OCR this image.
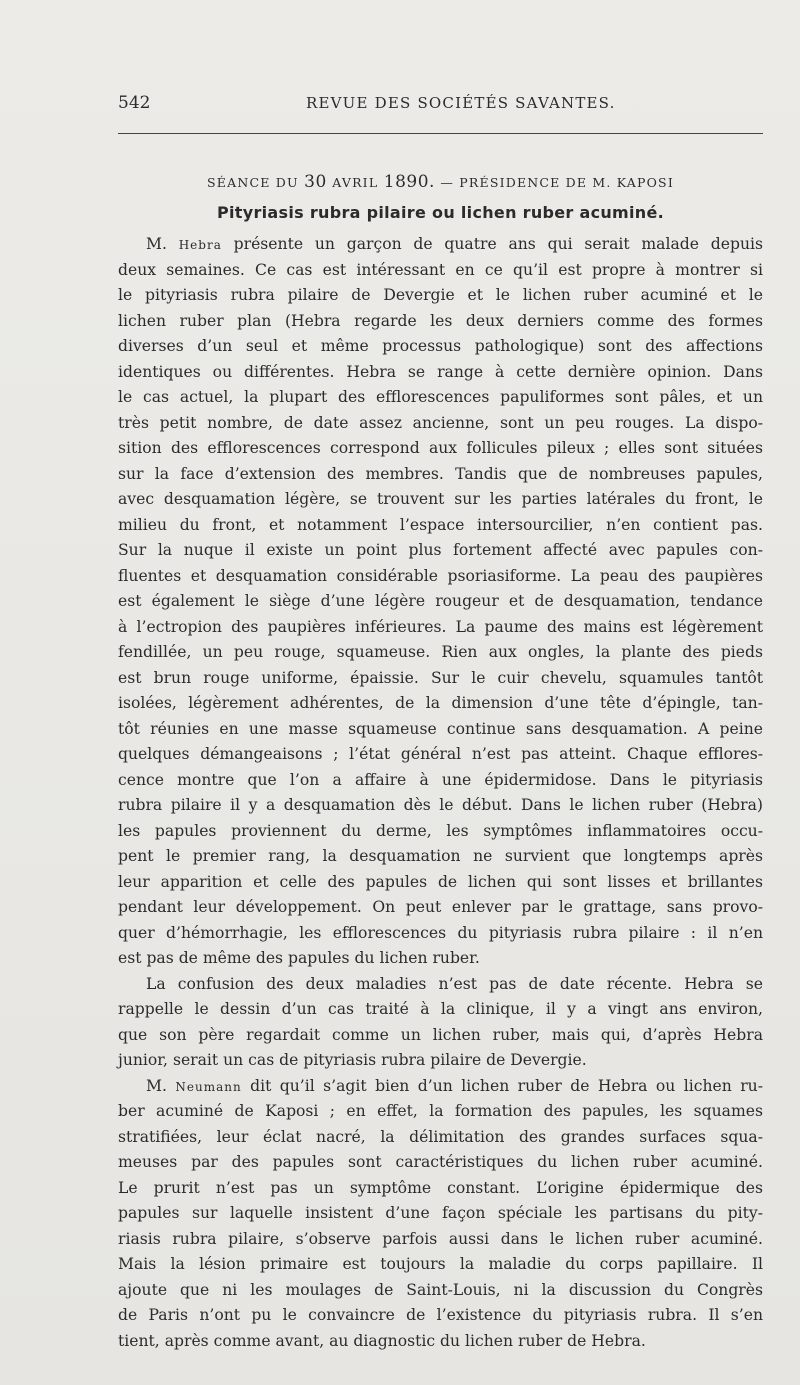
542	REVUE DES SOCIÉTÉS SAVANTES.
SÉANCE DU 30 AVRIL 1890. — PRÉSIDENCE DE M. KAPOSI
Pityriasis rubra pilaire ou lichen ruber acuminé.
M. Hebra présente un garçon de quatre ans qui serait malade depuis
deux semaines. Ce cas est intéressant en ce qu’il est propre à montrer si
le pityriasis rubra pilaire de Devergie et le lichen ruber acuminé et le
lichen ruber plan (Hebra regarde les deux derniers comme des formes
diverses d’un seul et même processus pathologique) sont des affections
identiques ou différentes. Hebra se range à cette dernière opinion. Dans
le cas actuel, la plupart des efflorescences papuliformes sont pâles, et un
très petit nombre, de date assez ancienne, sont un peu rouges. La dispo-
sition des efflorescences correspond aux follicules pileux ; elles sont situées
sur la face d’extension des membres. Tandis que de nombreuses papules,
avec desquamation légère, se trouvent sur les parties latérales du front, le
milieu du front, et notamment l’espace intersourcilier, n’en contient pas.
Sur la nuque il existe un point plus fortement affecté avec papules con-
fluentes et desquamation considérable psoriasiforme. La peau des paupières
est également le siège d’une légère rougeur et de desquamation, tendance
à l’ectropion des paupières inférieures. La paume des mains est légèrement
fendillée, un peu rouge, squameuse. Rien aux ongles, la plante des pieds
est brun rouge uniforme, épaissie. Sur le cuir chevelu, squamules tantôt
isolées, légèrement adhérentes, de la dimension d’une tête d’épingle, tan-
tôt réunies en une masse squameuse continue sans desquamation. A peine
quelques démangeaisons ; l’état général n’est pas atteint. Chaque efflores-
cence montre que l’on a affaire à une épidermidose. Dans le pityriasis
rubra pilaire il y a desquamation dès le début. Dans le lichen ruber (Hebra)
les papules proviennent du derme, les symptômes inflammatoires occu-
pent le premier rang, la desquamation ne survient que longtemps après
leur apparition et celle des papules de lichen qui sont lisses et brillantes
pendant leur développement. On peut enlever par le grattage, sans provo-
quer d’hémorrhagie, les efflorescences du pityriasis rubra pilaire : il n’en
est pas de même des papules du lichen ruber.
La confusion des deux maladies n’est pas de date récente. Hebra se
rappelle le dessin d’un cas traité à la clinique, il y a vingt ans environ,
que son père regardait comme un lichen ruber, mais qui, d’après Hebra
junior, serait un cas de pityriasis rubra pilaire de Devergie.
M. Neumann dit qu’il s’agit bien d’un lichen ruber de Hebra ou lichen ru-
ber acuminé de Kaposi ; en effet, la formation des papules, les squames
stratifiées, leur éclat nacré, la délimitation des grandes surfaces squa-
meuses par des papules sont caractéristiques du lichen ruber acuminé.
Le prurit n’est pas un symptôme constant. L’origine épidermique des
papules sur laquelle insistent d’une façon spéciale les partisans du pity-
riasis rubra pilaire, s’observe parfois aussi dans le lichen ruber acuminé.
Mais la lésion primaire est toujours la maladie du corps papillaire. Il
ajoute que ni les moulages de Saint-Louis, ni la discussion du Congrès
de Paris n’ont pu le convaincre de l’existence du pityriasis rubra. Il s’en
tient, après comme avant, au diagnostic du lichen ruber de Hebra.
